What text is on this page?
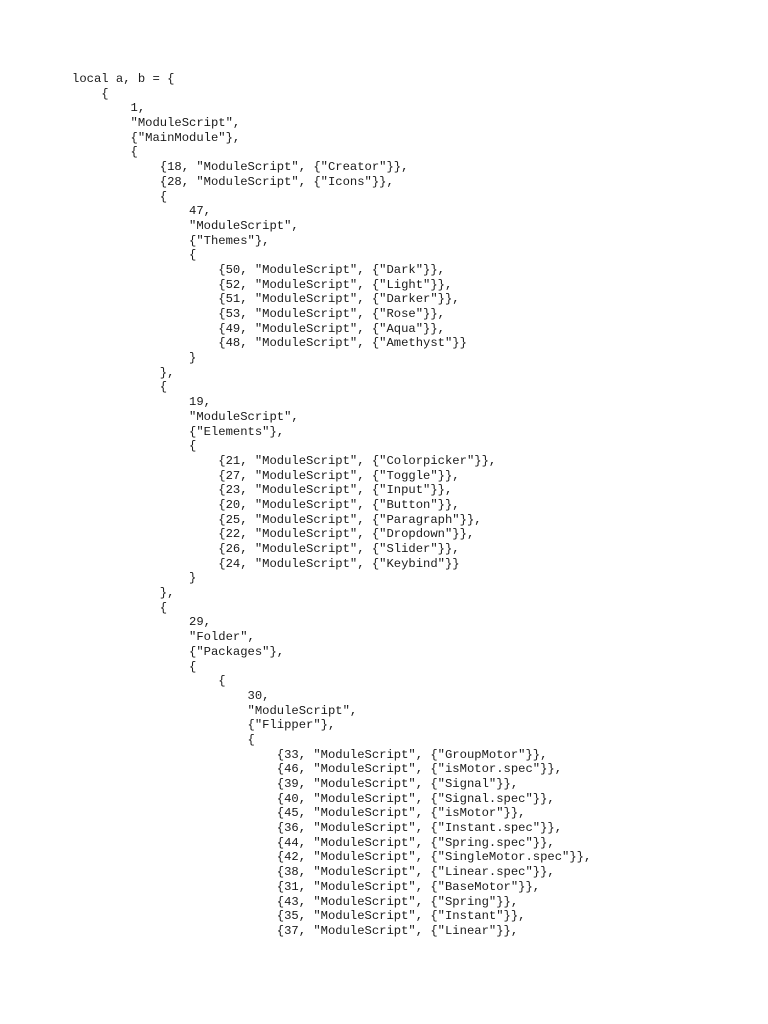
local a, b = {
{
1,
"ModuleScript",
{"MainModule"},
{
{18, "ModuleScript", {"Creator"}},
{28, "ModuleScript", {"Icons"}},
{
47,
"ModuleScript",
{"Themes"},
{
{50, "ModuleScript", {"Dark"}},
{52, "ModuleScript", {"Light"}},
{51, "ModuleScript", {"Darker"}},
{53, "ModuleScript", {"Rose"}},
{49, "ModuleScript", {"Aqua"}},
{48, "ModuleScript", {"Amethyst"}}
}
},
{
19,
"ModuleScript",
{"Elements"},
{
{21, "ModuleScript", {"Colorpicker"}},
{27, "ModuleScript", {"Toggle"}},
{23, "ModuleScript", {"Input"}},
{20, "ModuleScript", {"Button"}},
{25, "ModuleScript", {"Paragraph"}},
{22, "ModuleScript", {"Dropdown"}},
{26, "ModuleScript", {"Slider"}},
{24, "ModuleScript", {"Keybind"}}
}
},
{
29,
"Folder",
{"Packages"},
{
{
30,
"ModuleScript",
{"Flipper"},
{
{33, "ModuleScript", {"GroupMotor"}},
{46, "ModuleScript", {"isMotor.spec"}},
{39, "ModuleScript", {"Signal"}},
{40, "ModuleScript", {"Signal.spec"}},
{45, "ModuleScript", {"isMotor"}},
{36, "ModuleScript", {"Instant.spec"}},
{44, "ModuleScript", {"Spring.spec"}},
{42, "ModuleScript", {"SingleMotor.spec"}},
{38, "ModuleScript", {"Linear.spec"}},
{31, "ModuleScript", {"BaseMotor"}},
{43, "ModuleScript", {"Spring"}},
{35, "ModuleScript", {"Instant"}},
{37, "ModuleScript", {"Linear"}},
